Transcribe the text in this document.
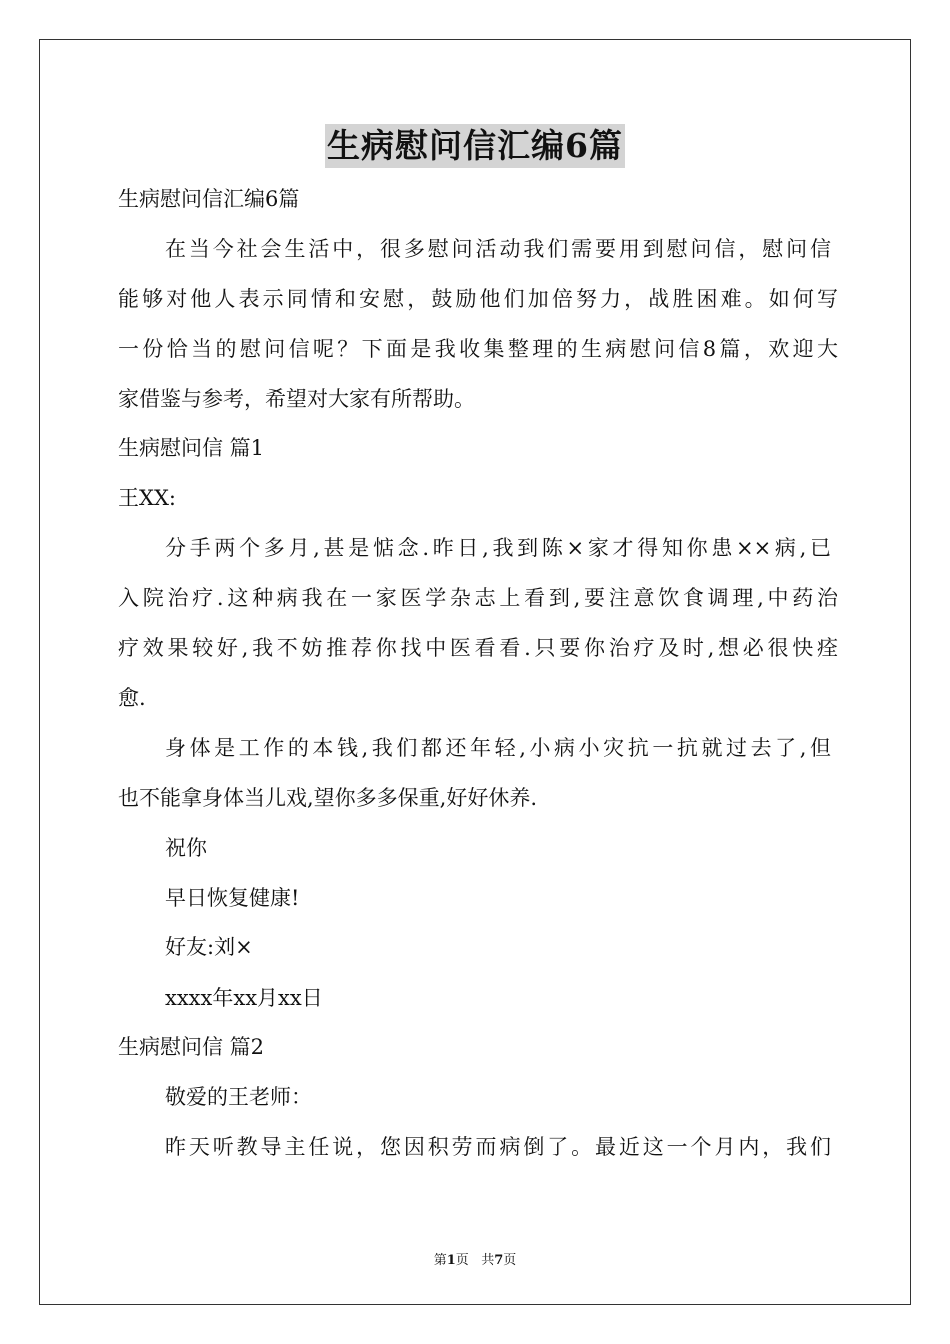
生病慰问信汇编6篇
生病慰问信汇编6篇
在当今社会生活中，很多慰问活动我们需要用到慰问信，慰问信
能够对他人表示同情和安慰，鼓励他们加倍努力，战胜困难。如何写
一份恰当的慰问信呢？下面是我收集整理的生病慰问信8篇，欢迎大
家借鉴与参考，希望对大家有所帮助。
生病慰问信 篇1
王XX:
分手两个多月,甚是惦念.昨日,我到陈×家才得知你患××病,已
入院治疗.这种病我在一家医学杂志上看到,要注意饮食调理,中药治
疗效果较好,我不妨推荐你找中医看看.只要你治疗及时,想必很快痊
愈.
身体是工作的本钱,我们都还年轻,小病小灾抗一抗就过去了,但
也不能拿身体当儿戏,望你多多保重,好好休养.
祝你
早日恢复健康!
好友:刘×
xxxx年xx月xx日
生病慰问信 篇2
敬爱的王老师：
昨天听教导主任说，您因积劳而病倒了。最近这一个月内，我们
第1页   共7页
